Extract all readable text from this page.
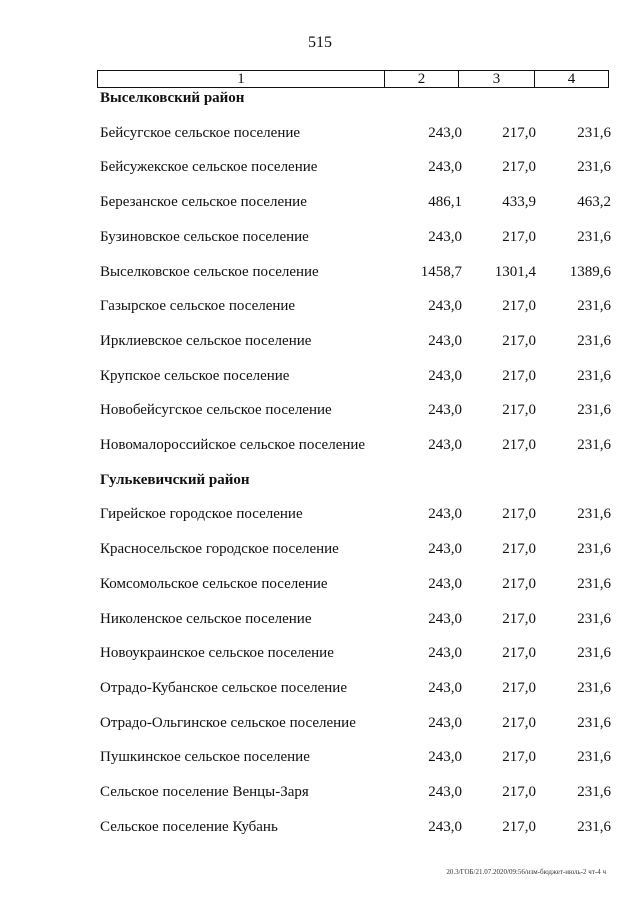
515
1	2	3	4
Выселковский район
Бейсугское сельское поселение	243,0	217,0	231,6
Бейсужекское сельское поселение	243,0	217,0	231,6
Березанское сельское поселение	486,1	433,9	463,2
Бузиновское сельское поселение	243,0	217,0	231,6
Выселковское сельское поселение	1458,7	1301,4	1389,6
Газырское сельское поселение	243,0	217,0	231,6
Ирклиевское сельское поселение	243,0	217,0	231,6
Крупское сельское поселение	243,0	217,0	231,6
Новобейсугское сельское поселение	243,0	217,0	231,6
Новомалороссийское сельское поселение	243,0	217,0	231,6
Гулькевичский район
Гирейское городское поселение	243,0	217,0	231,6
Красносельское городское поселение	243,0	217,0	231,6
Комсомольское сельское поселение	243,0	217,0	231,6
Николенское сельское поселение	243,0	217,0	231,6
Новоукраинское сельское поселение	243,0	217,0	231,6
Отрадо-Кубанское сельское поселение	243,0	217,0	231,6
Отрадо-Ольгинское сельское поселение	243,0	217,0	231,6
Пушкинское сельское поселение	243,0	217,0	231,6
Сельское поселение Венцы-Заря	243,0	217,0	231,6
Сельское поселение Кубань	243,0	217,0	231,6
20.3/ГОБ/21.07.2020/09:56/изм-бюджет-июль-2 чт-4 ч
